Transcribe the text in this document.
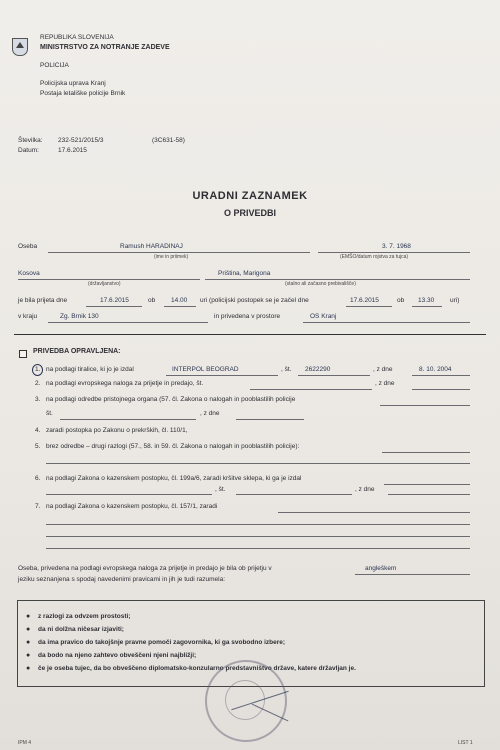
REPUBLIKA SLOVENIJA
MINISTRSTVO ZA NOTRANJE ZADEVE
POLICIJA
Policijska uprava Kranj
Postaja letališke policije Brnik
Številka: 232-521/2015/3	(3C631-58)
Datum:	17.6.2015
URADNI ZAZNAMEK
O PRIVEDBI
Oseba	Ramush HARADINAJ
(ime in priimek)
3. 7. 1968
(EMŠO/datum rojstva za tujca)
Kosova
(državljanstvo)
Priština, Marigona
(stalno ali začasno prebivališče)
je bila prijeta dne	17.6.2015	ob 14.00 uri (policijski postopek se je začel dne	17.6.2015	ob 13.30 uri)
v kraju	Zg. Brnik 130	in privedena v prostore	OS Kranj
PRIVEDBA OPRAVLJENA:
1. na podlagi tiralice, ki jo je izdal	INTERPOL BEOGRAD	, št. 2622290	, z dne	8. 10. 2004
2. na podlagi evropskega naloga za prijetje in predajo, št.	, z dne
3. na podlagi odredbe pristojnega organa (57. čl. Zakona o nalogah in pooblastilih policije
št.	, z dne
4. zaradi postopka po Zakonu o prekrških, čl. 110/1,
5. brez odredbe – drugi razlogi (57., 58. in 59. čl. Zakona o nalogah in pooblastilih policije):
6. na podlagi Zakona o kazenskem postopku, čl. 199a/6, zaradi kršitve sklepa, ki ga je izdal
, št.	, z dne
7. na podlagi Zakona o kazenskem postopku, čl. 157/1, zaradi
Oseba, privedena na podlagi evropskega naloga za prijetje in predajo je bila ob prijetju v	angleškem
jeziku seznanjena s spodaj navedenimi pravicami in jih je tudi razumela:
● z razlogi za odvzem prostosti;
● da ni dolžna ničesar izjaviti;
● da ima pravico do takojšnje pravne pomoči zagovornika, ki ga svobodno izbere;
● da bodo na njeno zahtevo obveščeni njeni najbližji;
● če je oseba tujec, da bo obveščeno diplomatsko-konzularno predstavništvo države, katere državljan je.
IPM 4	LIST 1
